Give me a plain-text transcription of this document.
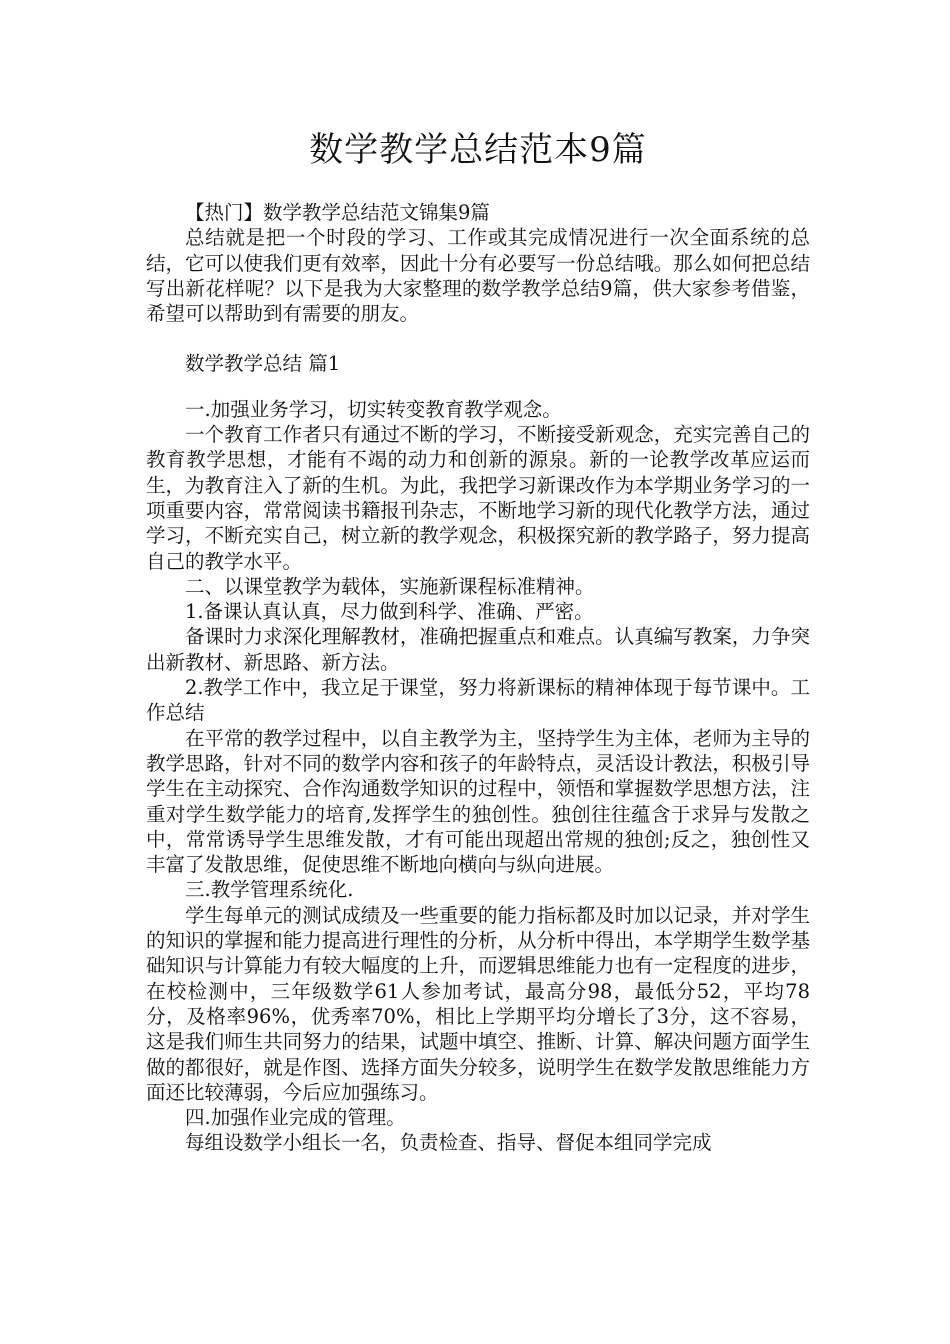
数学教学总结范本9篇

【热门】数学教学总结范文锦集9篇

总结就是把一个时段的学习、工作或其完成情况进行一次全面系统的总结，它可以使我们更有效率，因此十分有必要写一份总结哦。那么如何把总结写出新花样呢？以下是我为大家整理的数学教学总结9篇，供大家参考借鉴，希望可以帮助到有需要的朋友。

数学教学总结 篇1

一.加强业务学习，切实转变教育教学观念。

一个教育工作者只有通过不断的学习，不断接受新观念，充实完善自己的教育教学思想，才能有不竭的动力和创新的源泉。新的一论教学改革应运而生，为教育注入了新的生机。为此，我把学习新课改作为本学期业务学习的一项重要内容，常常阅读书籍报刊杂志，不断地学习新的现代化教学方法，通过学习，不断充实自己，树立新的教学观念，积极探究新的教学路子，努力提高自己的教学水平。

二、以课堂教学为载体，实施新课程标准精神。

1.备课认真认真，尽力做到科学、准确、严密。

备课时力求深化理解教材，准确把握重点和难点。认真编写教案，力争突出新教材、新思路、新方法。

2.教学工作中，我立足于课堂，努力将新课标的精神体现于每节课中。工作总结

在平常的教学过程中，以自主教学为主，坚持学生为主体，老师为主导的教学思路，针对不同的数学内容和孩子的年龄特点，灵活设计教法，积极引导学生在主动探究、合作沟通数学知识的过程中，领悟和掌握数学思想方法，注重对学生数学能力的培育,发挥学生的独创性。独创往往蕴含于求异与发散之中，常常诱导学生思维发散，才有可能出现超出常规的独创;反之，独创性又丰富了发散思维，促使思维不断地向横向与纵向进展。

三.教学管理系统化.

学生每单元的测试成绩及一些重要的能力指标都及时加以记录，并对学生的知识的掌握和能力提高进行理性的分析，从分析中得出，本学期学生数学基础知识与计算能力有较大幅度的上升，而逻辑思维能力也有一定程度的进步，在校检测中，三年级数学61人参加考试，最高分98，最低分52，平均78分，及格率96%，优秀率70%，相比上学期平均分增长了3分，这不容易，这是我们师生共同努力的结果，试题中填空、推断、计算、解决问题方面学生做的都很好，就是作图、选择方面失分较多，说明学生在数学发散思维能力方面还比较薄弱，今后应加强练习。

四.加强作业完成的管理。

每组设数学小组长一名，负责检查、指导、督促本组同学完成
